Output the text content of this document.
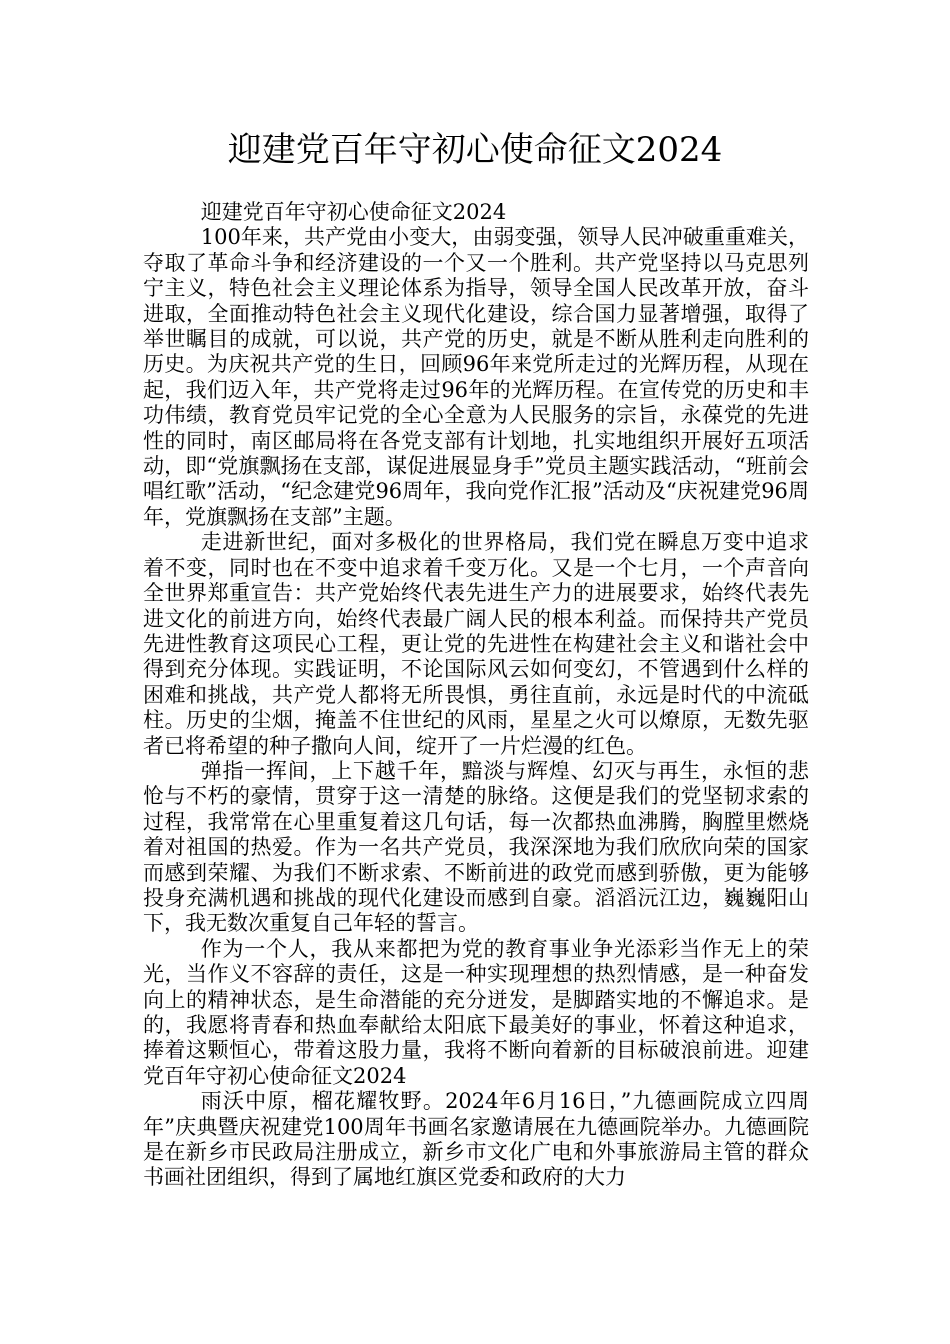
迎建党百年守初心使命征文2024

迎建党百年守初心使命征文2024

100年来，共产党由小变大，由弱变强，领导人民冲破重重难关，夺取了革命斗争和经济建设的一个又一个胜利。共产党坚持以马克思列宁主义，特色社会主义理论体系为指导，领导全国人民改革开放，奋斗进取，全面推动特色社会主义现代化建设，综合国力显著增强，取得了举世瞩目的成就，可以说，共产党的历史，就是不断从胜利走向胜利的历史。为庆祝共产党的生日，回顾96年来党所走过的光辉历程，从现在起，我们迈入年，共产党将走过96年的光辉历程。在宣传党的历史和丰功伟绩，教育党员牢记党的全心全意为人民服务的宗旨，永葆党的先进性的同时，南区邮局将在各党支部有计划地，扎实地组织开展好五项活动，即“党旗飘扬在支部，谋促进展显身手”党员主题实践活动，“班前会唱红歌”活动，“纪念建党96周年，我向党作汇报”活动及“庆祝建党96周年，党旗飘扬在支部”主题。

走进新世纪，面对多极化的世界格局，我们党在瞬息万变中追求着不变，同时也在不变中追求着千变万化。又是一个七月，一个声音向全世界郑重宣告：共产党始终代表先进生产力的进展要求，始终代表先进文化的前进方向，始终代表最广阔人民的根本利益。而保持共产党员先进性教育这项民心工程，更让党的先进性在构建社会主义和谐社会中得到充分体现。实践证明，不论国际风云如何变幻，不管遇到什么样的困难和挑战，共产党人都将无所畏惧，勇往直前，永远是时代的中流砥柱。历史的尘烟，掩盖不住世纪的风雨，星星之火可以燎原，无数先驱者已将希望的种子撒向人间，绽开了一片烂漫的红色。

弹指一挥间，上下越千年，黯淡与辉煌、幻灭与再生，永恒的悲怆与不朽的豪情，贯穿于这一清楚的脉络。这便是我们的党坚韧求索的过程，我常常在心里重复着这几句话，每一次都热血沸腾，胸膛里燃烧着对祖国的热爱。作为一名共产党员，我深深地为我们欣欣向荣的国家而感到荣耀、为我们不断求索、不断前进的政党而感到骄傲，更为能够投身充满机遇和挑战的现代化建设而感到自豪。滔滔沅江边，巍巍阳山下，我无数次重复自己年轻的誓言。

作为一个人，我从来都把为党的教育事业争光添彩当作无上的荣光，当作义不容辞的责任，这是一种实现理想的热烈情感，是一种奋发向上的精神状态，是生命潜能的充分迸发，是脚踏实地的不懈追求。是的，我愿将青春和热血奉献给太阳底下最美好的事业，怀着这种追求，捧着这颗恒心，带着这股力量，我将不断向着新的目标破浪前进。迎建党百年守初心使命征文2024

雨沃中原，榴花耀牧野。2024年6月16日，”九德画院成立四周年”庆典暨庆祝建党100周年书画名家邀请展在九德画院举办。九德画院是在新乡市民政局注册成立，新乡市文化广电和外事旅游局主管的群众书画社团组织，得到了属地红旗区党委和政府的大力
